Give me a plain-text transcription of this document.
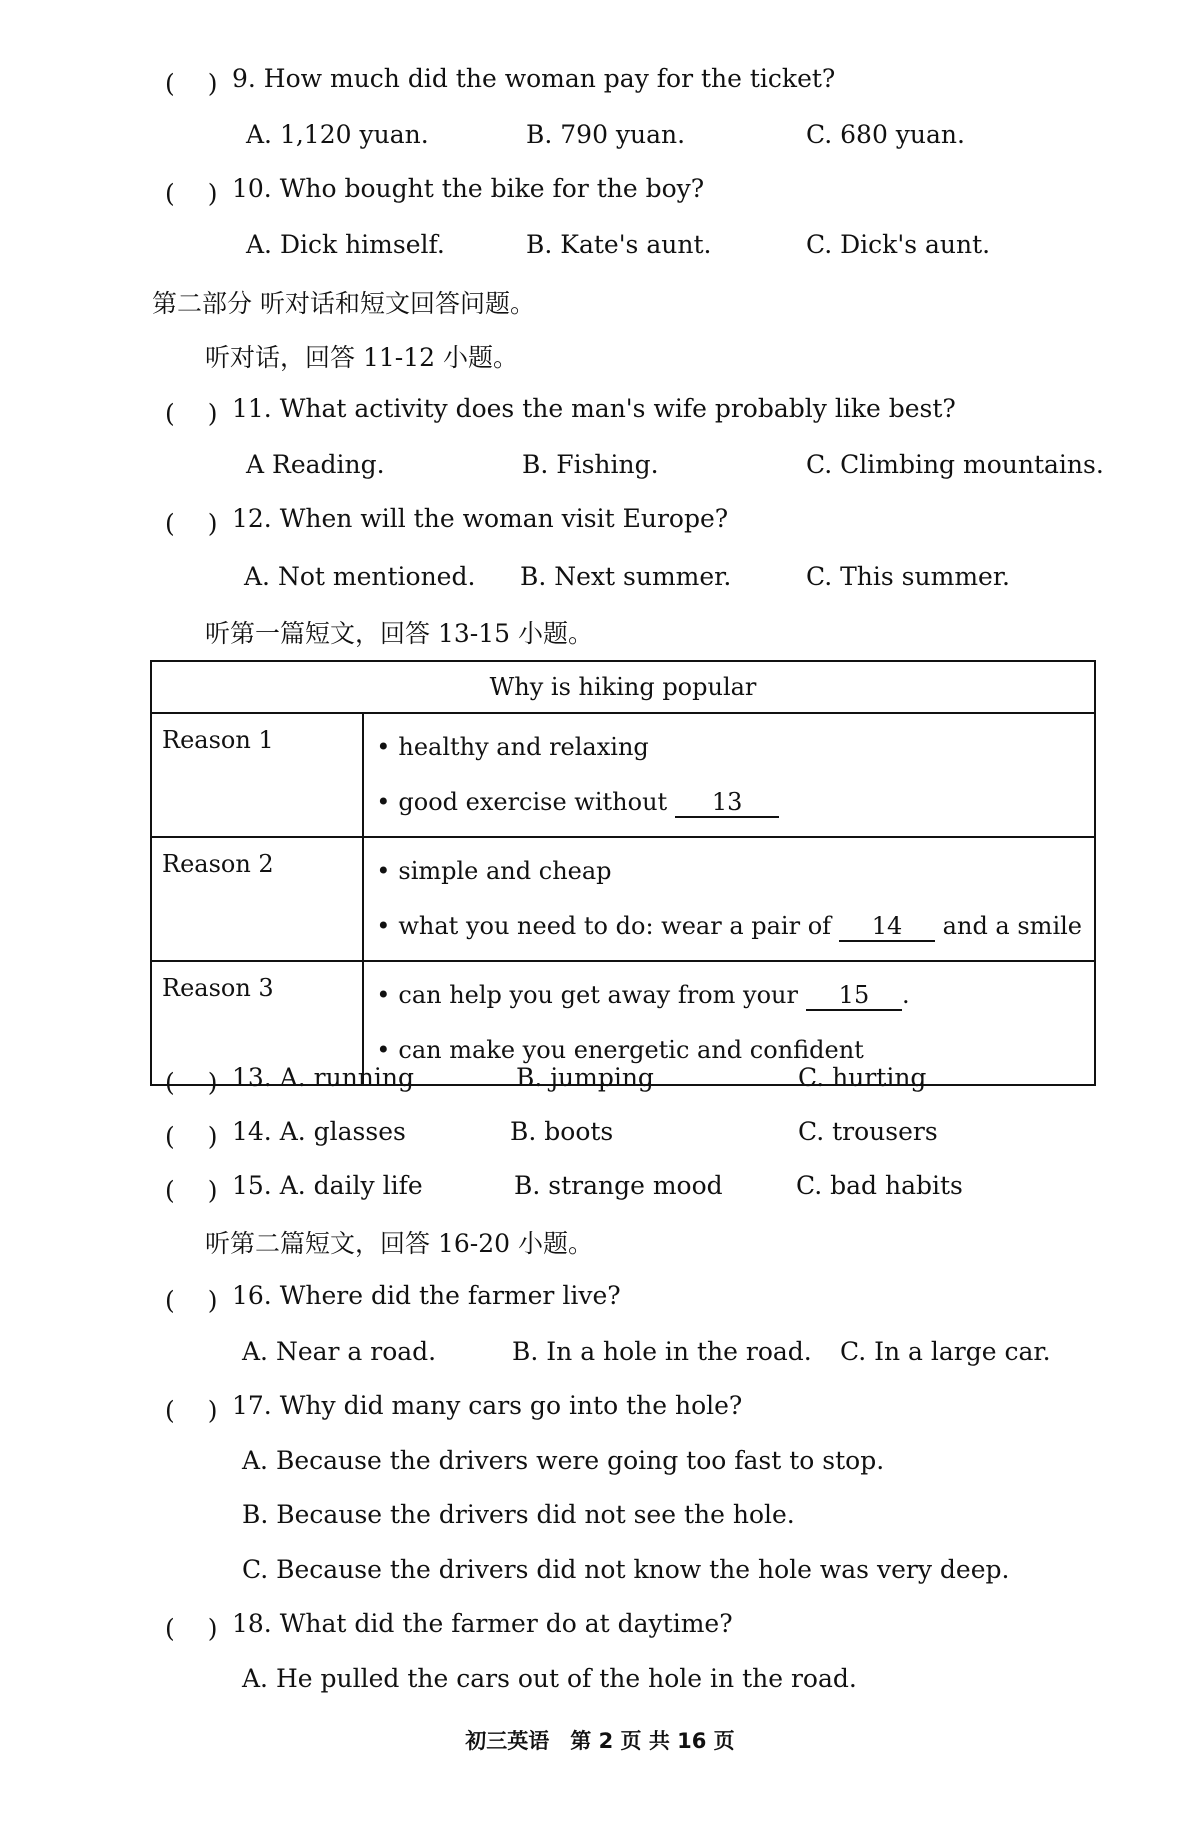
(　 ) 9. How much did the woman pay for the ticket?
A. 1,120 yuan.	B. 790 yuan.	C. 680 yuan.
(　 ) 10. Who bought the bike for the boy?
A. Dick himself.	B. Kate's aunt.	C. Dick's aunt.
第二部分 听对话和短文回答问题。
听对话，回答 11-12 小题。
(　 ) 11. What activity does the man's wife probably like best?
A Reading.	B. Fishing.	C. Climbing mountains.
(　 ) 12. When will the woman visit Europe?
A. Not mentioned. B. Next summer.	C. This summer.
听第一篇短文，回答 13-15 小题。
Why is hiking popular	
Reason 1	• healthy and relaxing
• good exercise without 13

Reason 2	• simple and cheap
• what you need to do: wear a pair of 14 and a smile

Reason 3	• can help you get away from your 15 .
• can make you energetic and confident
(　 ) 13. A. running	B. jumping	C. hurting
(　 ) 14. A. glasses	B. boots	C. trousers
(　 ) 15. A. daily life	B. strange mood	C. bad habits
听第二篇短文，回答 16-20 小题。
(　 ) 16. Where did the farmer live?
A. Near a road.	B. In a hole in the road. C. In a large car.
(　 ) 17. Why did many cars go into the hole?
A. Because the drivers were going too fast to stop.
B. Because the drivers did not see the hole.
C. Because the drivers did not know the hole was very deep.
(　 ) 18. What did the farmer do at daytime?
A. He pulled the cars out of the hole in the road.
初三英语　第 2 页 共 16 页
